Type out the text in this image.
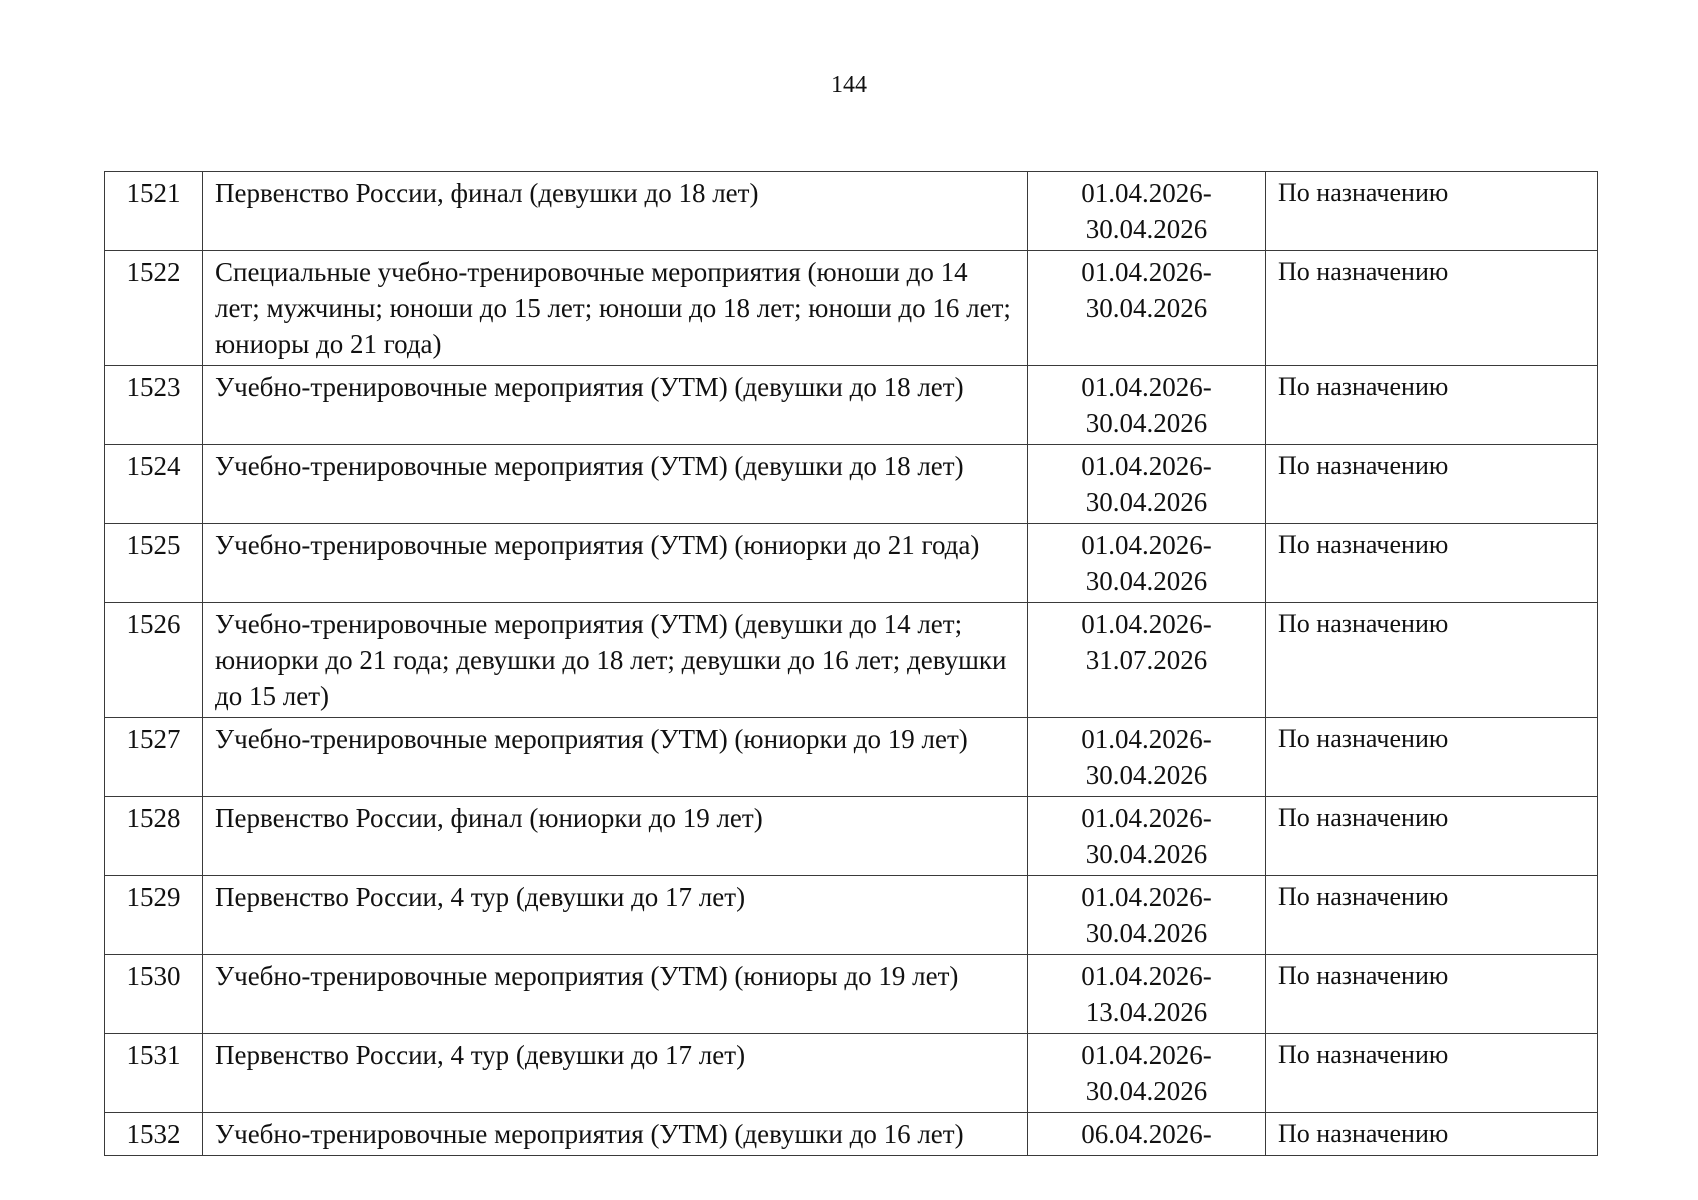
144
1521	Первенство России, финал (девушки до 18 лет)	01.04.2026-30.04.2026	По назначению
1522	Специальные учебно-тренировочные мероприятия (юноши до 14 лет; мужчины; юноши до 15 лет; юноши до 18 лет; юноши до 16 лет; юниоры до 21 года)	01.04.2026-30.04.2026	По назначению
1523	Учебно-тренировочные мероприятия (УТМ) (девушки до 18 лет)	01.04.2026-30.04.2026	По назначению
1524	Учебно-тренировочные мероприятия (УТМ) (девушки до 18 лет)	01.04.2026-30.04.2026	По назначению
1525	Учебно-тренировочные мероприятия (УТМ) (юниорки до 21 года)	01.04.2026-30.04.2026	По назначению
1526	Учебно-тренировочные мероприятия (УТМ) (девушки до 14 лет; юниорки до 21 года; девушки до 18 лет; девушки до 16 лет; девушки до 15 лет)	01.04.2026-31.07.2026	По назначению
1527	Учебно-тренировочные мероприятия (УТМ) (юниорки до 19 лет)	01.04.2026-30.04.2026	По назначению
1528	Первенство России, финал (юниорки до 19 лет)	01.04.2026-30.04.2026	По назначению
1529	Первенство России, 4 тур (девушки до 17 лет)	01.04.2026-30.04.2026	По назначению
1530	Учебно-тренировочные мероприятия (УТМ) (юниоры до 19 лет)	01.04.2026-13.04.2026	По назначению
1531	Первенство России, 4 тур (девушки до 17 лет)	01.04.2026-30.04.2026	По назначению
1532	Учебно-тренировочные мероприятия (УТМ) (девушки до 16 лет)	06.04.2026-	По назначению
